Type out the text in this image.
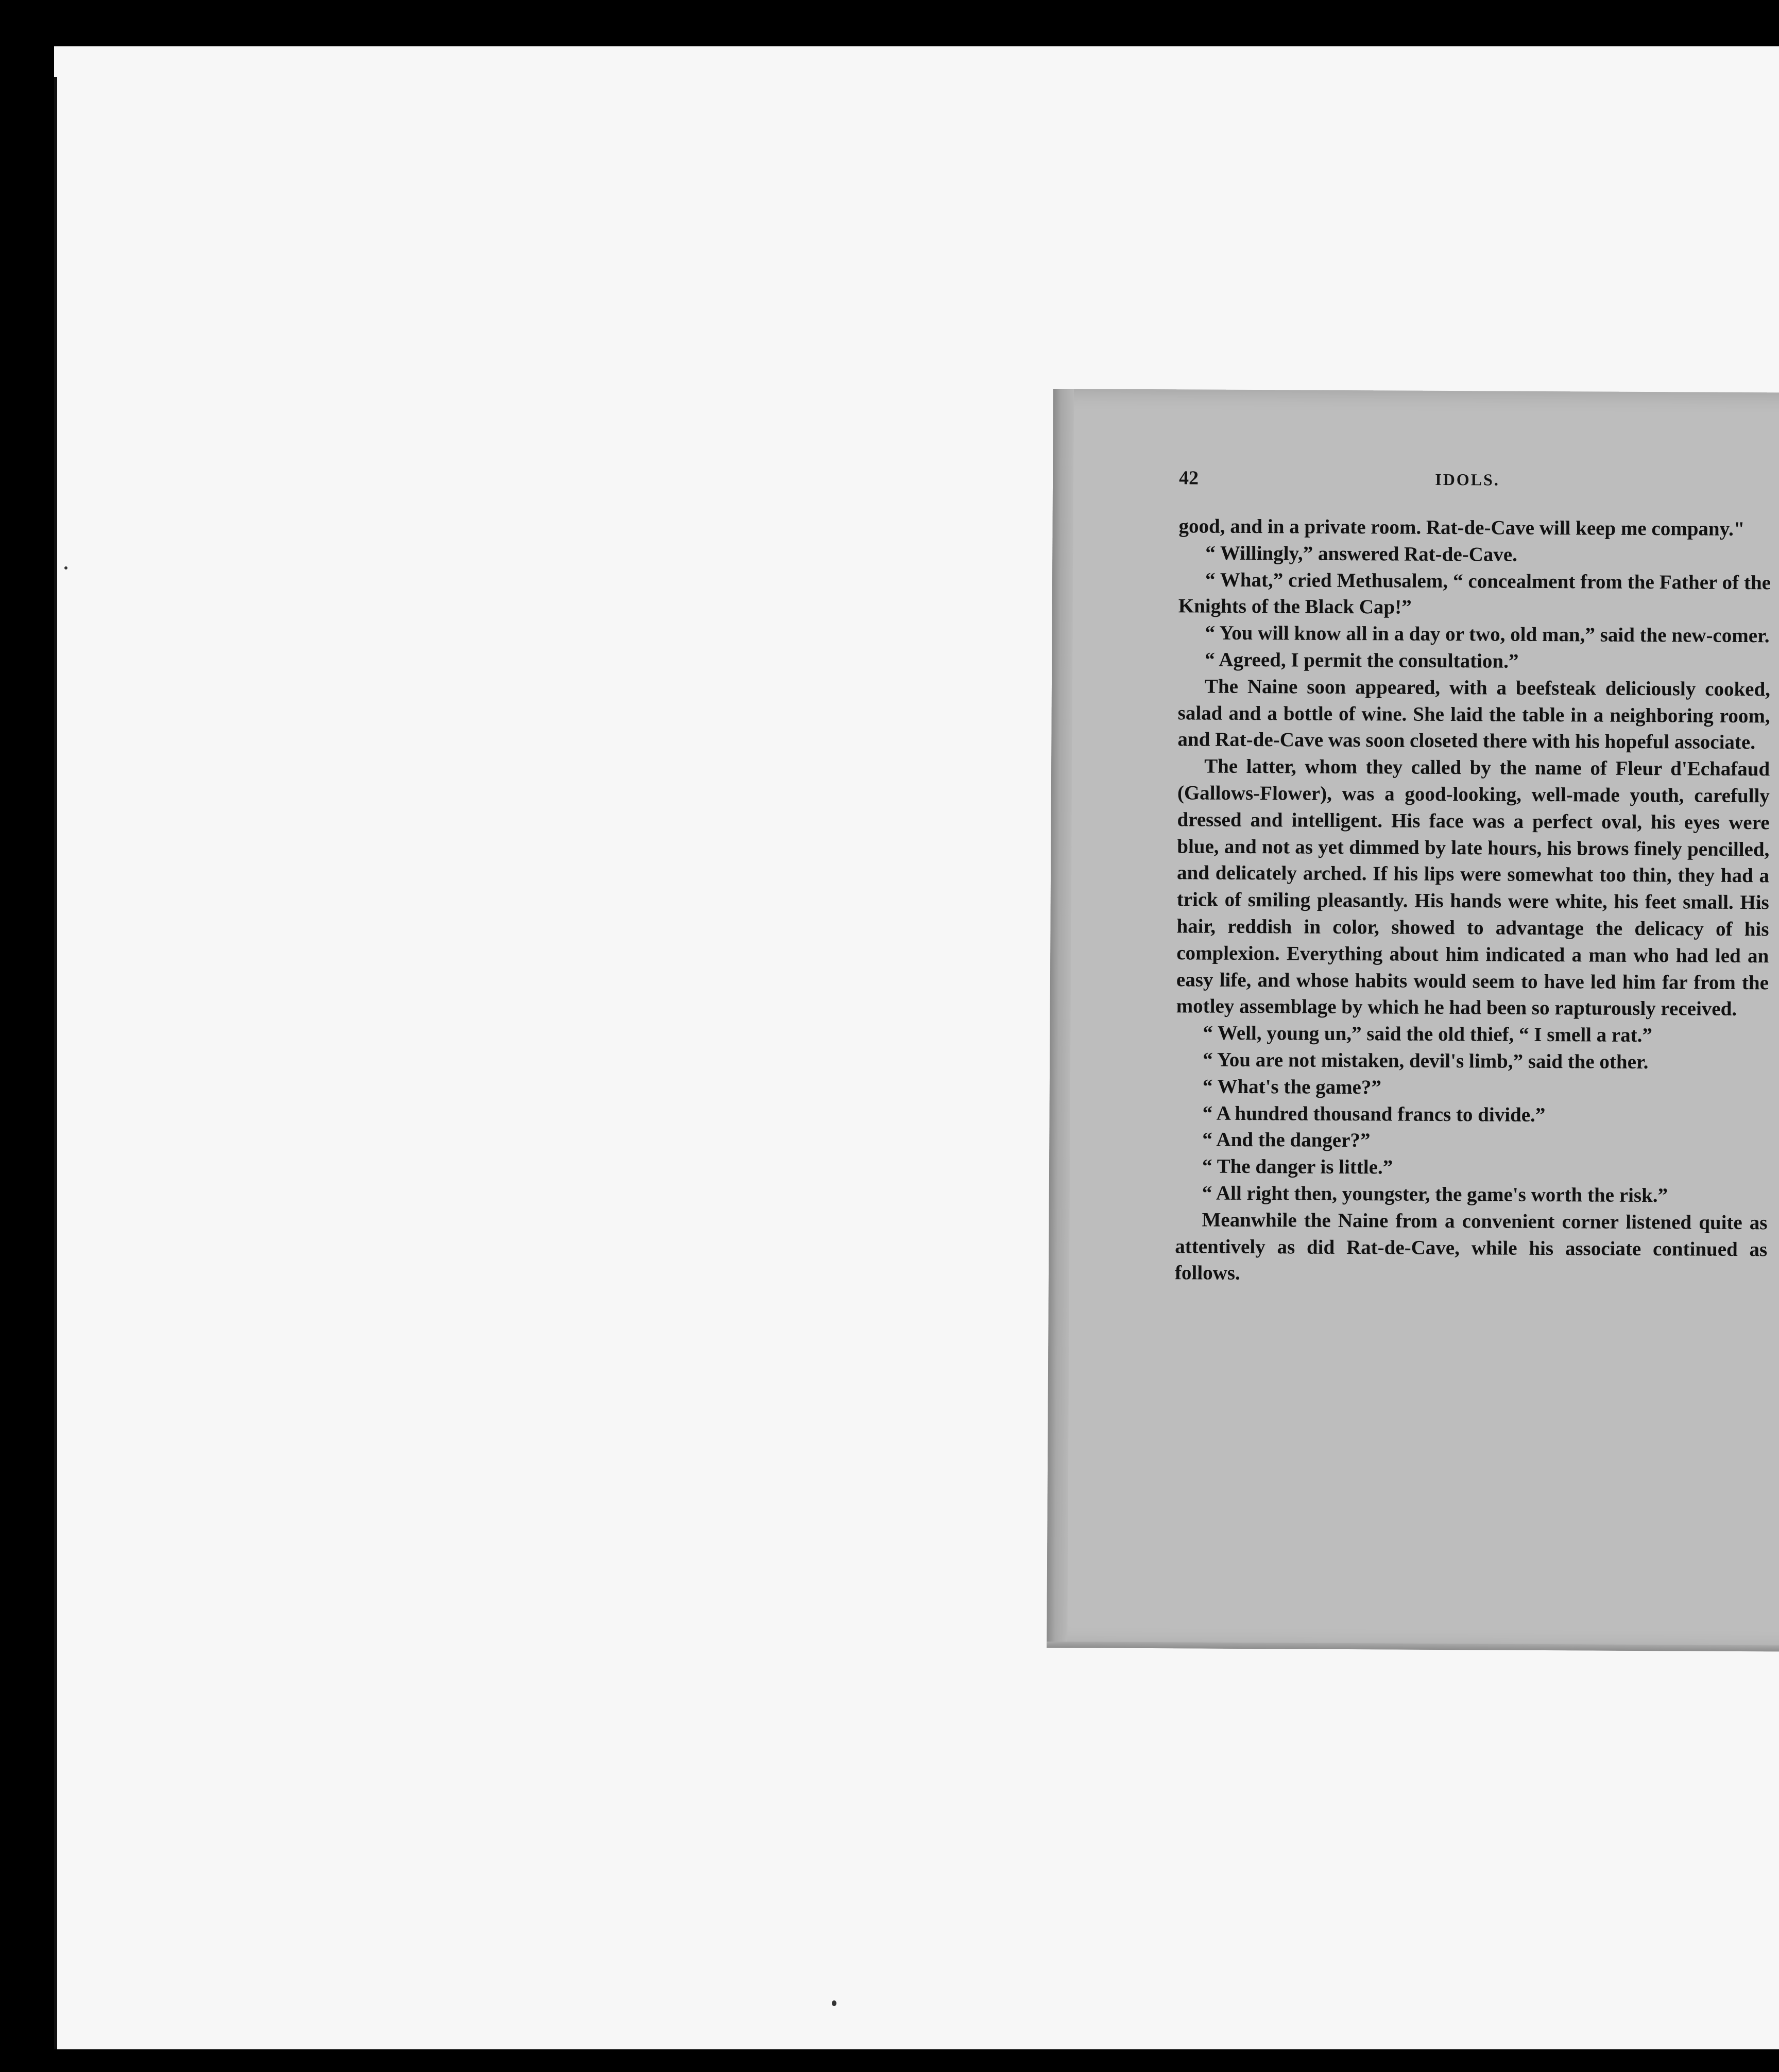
42	IDOLS.

good, and in a private room. Rat-de-Cave will keep me company."

“ Willingly,” answered Rat-de-Cave.

“ What,” cried Methusalem, “ concealment from the Father of the Knights of the Black Cap!”

“ You will know all in a day or two, old man,” said the new-comer.

“ Agreed, I permit the consultation.”

The Naine soon appeared, with a beefsteak deliciously cooked, salad and a bottle of wine. She laid the table in a neighboring room, and Rat-de-Cave was soon closeted there with his hopeful associate.

The latter, whom they called by the name of Fleur d'Echafaud (Gallows-Flower), was a good-looking, well-made youth, carefully dressed and intelligent. His face was a perfect oval, his eyes were blue, and not as yet dimmed by late hours, his brows finely pencilled, and delicately arched. If his lips were somewhat too thin, they had a trick of smiling pleasantly. His hands were white, his feet small. His hair, reddish in color, showed to advantage the delicacy of his complexion. Everything about him indicated a man who had led an easy life, and whose habits would seem to have led him far from the motley assemblage by which he had been so rapturously received.

“ Well, young un,” said the old thief, “ I smell a rat.”

“ You are not mistaken, devil's limb,” said the other.

“ What's the game?”

“ A hundred thousand francs to divide.”

“ And the danger?”

“ The danger is little.”

“ All right then, youngster, the game's worth the risk.”

Meanwhile the Naine from a convenient corner listened quite as attentively as did Rat-de-Cave, while his associate continued as follows.
